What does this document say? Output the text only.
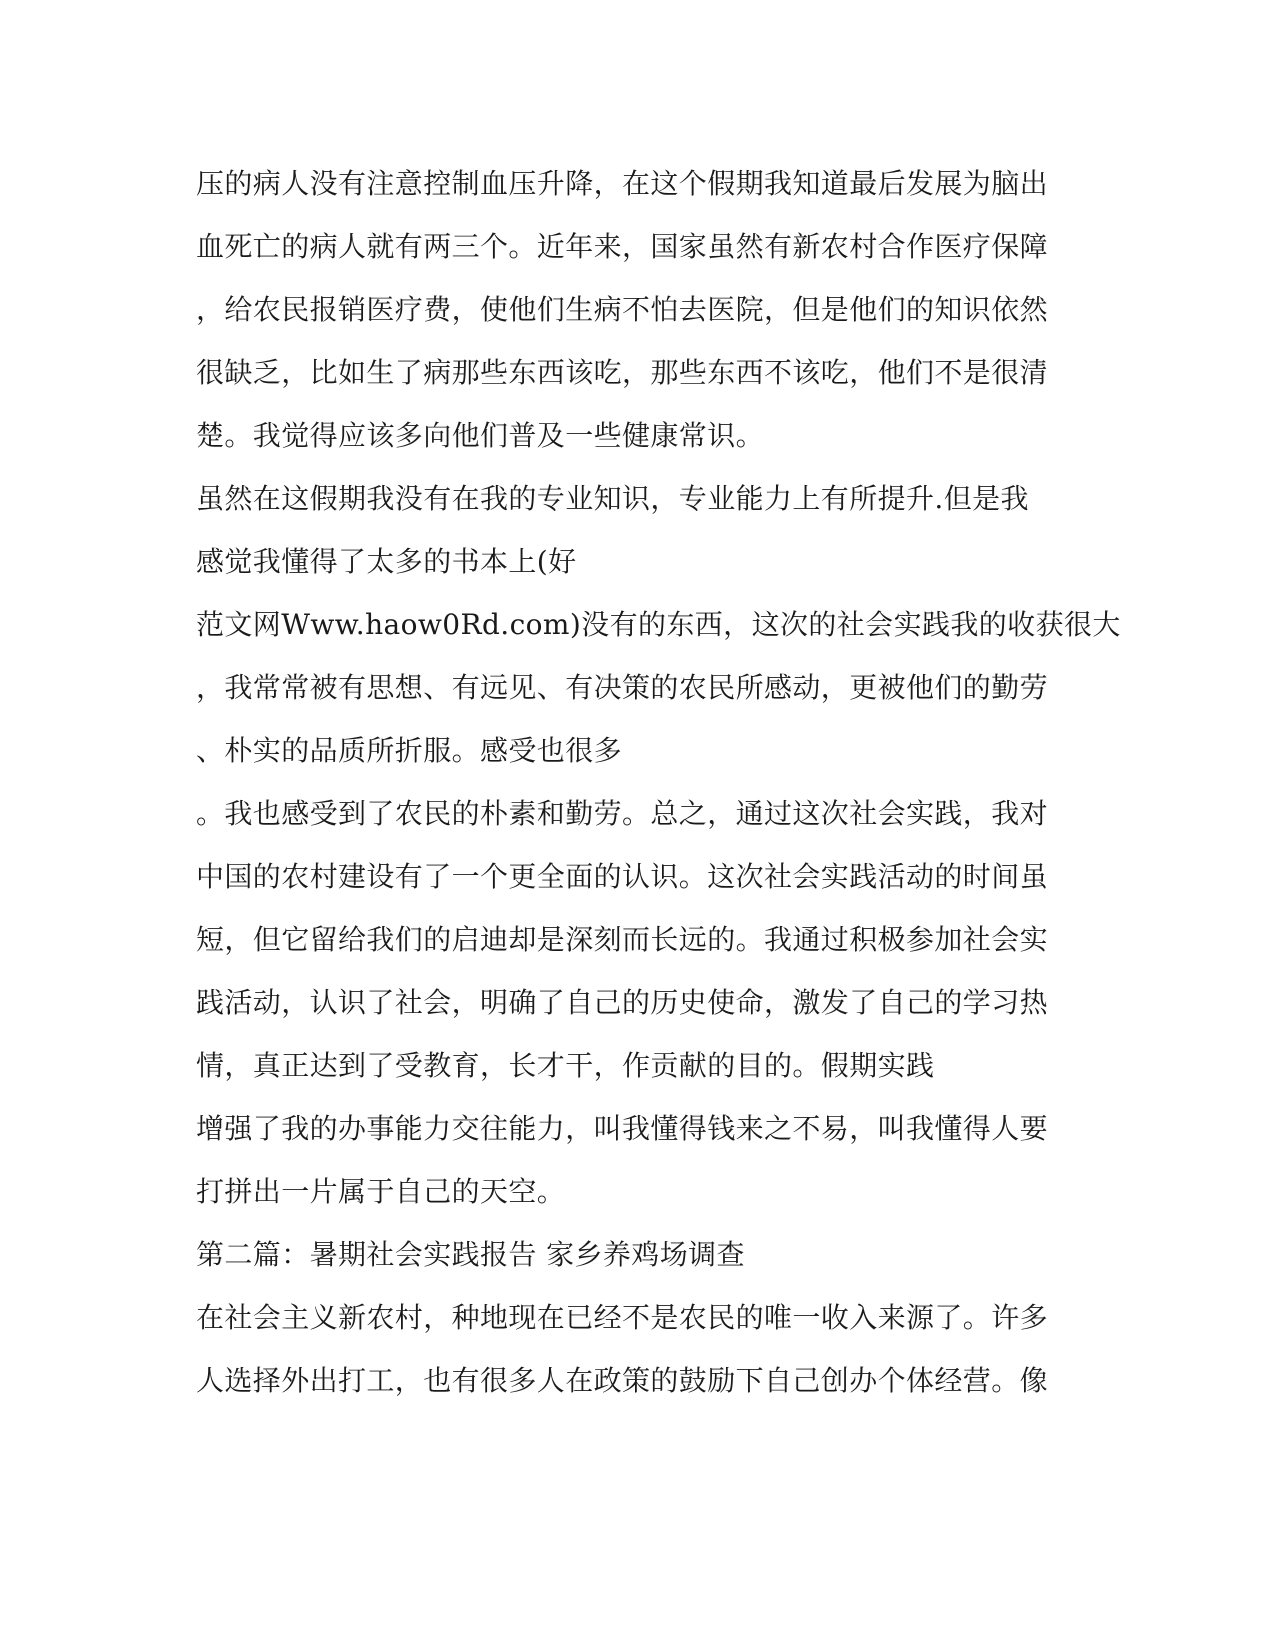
压的病人没有注意控制血压升降，在这个假期我知道最后发展为脑出
血死亡的病人就有两三个。近年来，国家虽然有新农村合作医疗保障
，给农民报销医疗费，使他们生病不怕去医院，但是他们的知识依然
很缺乏，比如生了病那些东西该吃，那些东西不该吃，他们不是很清
楚。我觉得应该多向他们普及一些健康常识。
虽然在这假期我没有在我的专业知识，专业能力上有所提升.但是我
感觉我懂得了太多的书本上(好
范文网Www.haow0Rd.com)没有的东西，这次的社会实践我的收获很大
，我常常被有思想、有远见、有决策的农民所感动，更被他们的勤劳
、朴实的品质所折服。感受也很多
。我也感受到了农民的朴素和勤劳。总之，通过这次社会实践，我对
中国的农村建设有了一个更全面的认识。这次社会实践活动的时间虽
短，但它留给我们的启迪却是深刻而长远的。我通过积极参加社会实
践活动，认识了社会，明确了自己的历史使命，激发了自己的学习热
情，真正达到了受教育，长才干，作贡献的目的。假期实践
增强了我的办事能力交往能力，叫我懂得钱来之不易，叫我懂得人要
打拼出一片属于自己的天空。
第二篇：暑期社会实践报告 家乡养鸡场调查
在社会主义新农村，种地现在已经不是农民的唯一收入来源了。许多
人选择外出打工，也有很多人在政策的鼓励下自己创办个体经营。像
